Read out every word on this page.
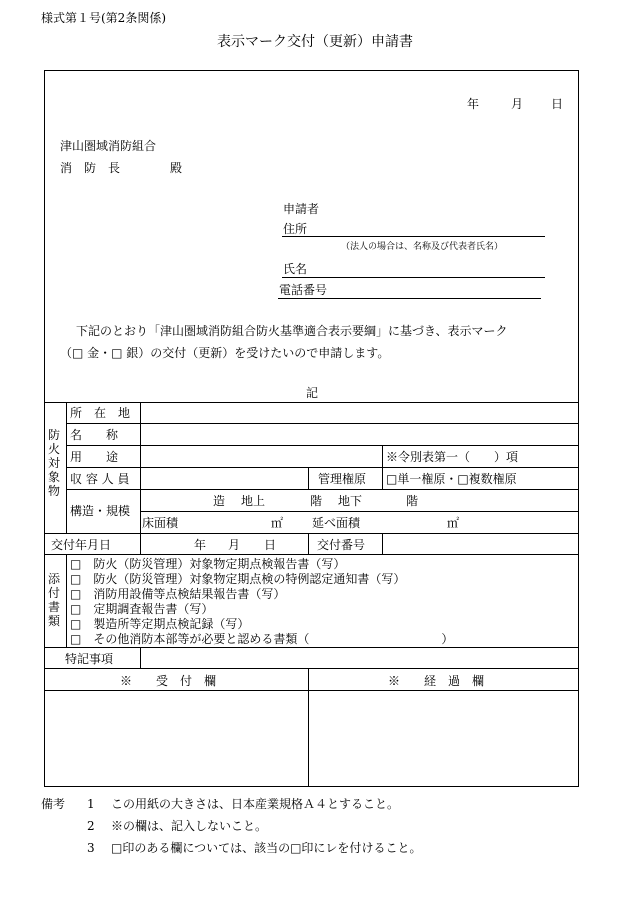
様式第１号(第2条関係)
表示マーク交付（更新）申請書
年	月 日
津山圏域消防組合
消　防　長	殿
申請者
住所
（法人の場合は、名称及び代表者氏名）
氏名
電話番号
下記のとおり「津山圏域消防組合防火基準適合表示要綱」に基づき、表示マーク
（□ 金・□ 銀）の交付（更新）を受けたいので申請します。
記
防火対象物
所　在　地
名　　称
用　　途	※令別表第一（　　）項
収 容 人 員	管理権原 □単一権原・□複数権原
構造・規模
造 地上	階 地下	階
床面積	㎡ 延べ面積	㎡
交付年月日	年 月 日	交付番号
添付書類
□　防火（防災管理）対象物定期点検報告書（写）
□　防火（防災管理）対象物定期点検の特例認定通知書（写）
□　消防用設備等点検結果報告書（写）
□　定期調査報告書（写）
□　製造所等定期点検記録（写）
□　その他消防本部等が必要と認める書類（　　　　　　　　　　　）
特記事項
※　　受　付　欄	※　　経　過　欄
備考 1 この用紙の大きさは、日本産業規格Ａ４とすること。
2 ※の欄は、記入しないこと。
3 □印のある欄については、該当の□印にレを付けること。
